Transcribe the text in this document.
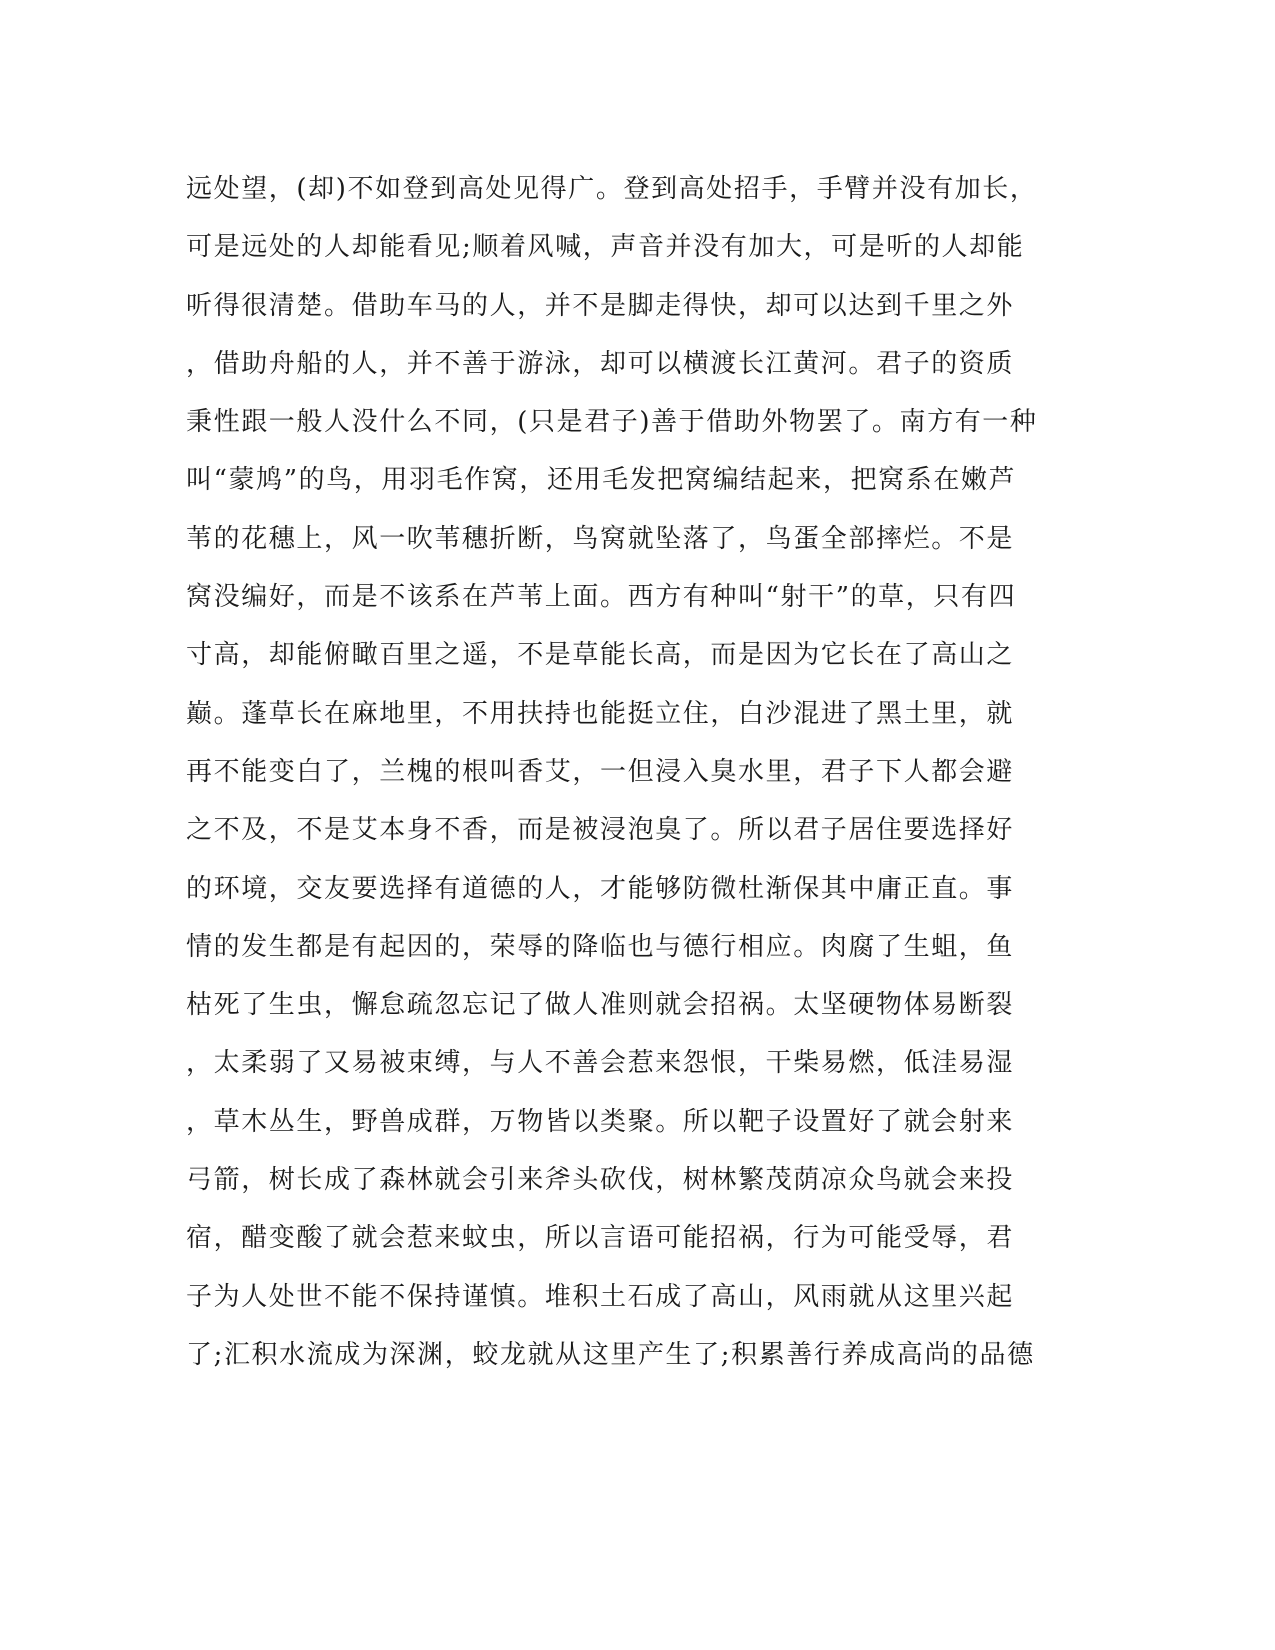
远处望，(却)不如登到高处见得广。登到高处招手，手臂并没有加长，
可是远处的人却能看见;顺着风喊，声音并没有加大，可是听的人却能
听得很清楚。借助车马的人，并不是脚走得快，却可以达到千里之外
，借助舟船的人，并不善于游泳，却可以横渡长江黄河。君子的资质
秉性跟一般人没什么不同，(只是君子)善于借助外物罢了。南方有一种
叫“蒙鸠”的鸟，用羽毛作窝，还用毛发把窝编结起来，把窝系在嫩芦
苇的花穗上，风一吹苇穗折断，鸟窝就坠落了，鸟蛋全部摔烂。不是
窝没编好，而是不该系在芦苇上面。西方有种叫“射干”的草，只有四
寸高，却能俯瞰百里之遥，不是草能长高，而是因为它长在了高山之
巅。蓬草长在麻地里，不用扶持也能挺立住，白沙混进了黑土里，就
再不能变白了，兰槐的根叫香艾，一但浸入臭水里，君子下人都会避
之不及，不是艾本身不香，而是被浸泡臭了。所以君子居住要选择好
的环境，交友要选择有道德的人，才能够防微杜渐保其中庸正直。事
情的发生都是有起因的，荣辱的降临也与德行相应。肉腐了生蛆，鱼
枯死了生虫，懈怠疏忽忘记了做人准则就会招祸。太坚硬物体易断裂
，太柔弱了又易被束缚，与人不善会惹来怨恨，干柴易燃，低洼易湿
，草木丛生，野兽成群，万物皆以类聚。所以靶子设置好了就会射来
弓箭，树长成了森林就会引来斧头砍伐，树林繁茂荫凉众鸟就会来投
宿，醋变酸了就会惹来蚊虫，所以言语可能招祸，行为可能受辱，君
子为人处世不能不保持谨慎。堆积土石成了高山，风雨就从这里兴起
了;汇积水流成为深渊，蛟龙就从这里产生了;积累善行养成高尚的品德
